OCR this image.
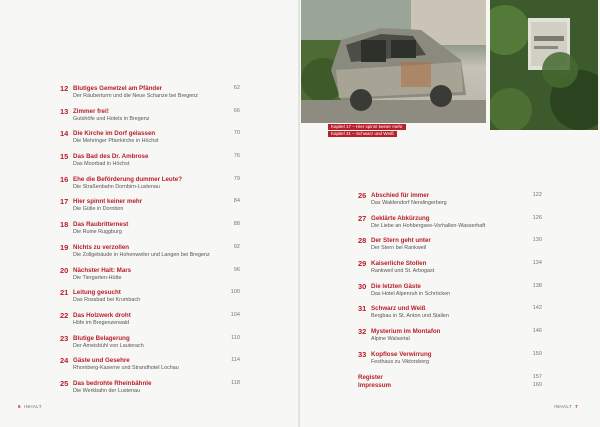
12 Blutiges Gemetzel am Pfänder
Der Räuberturm und die Neue Schanze bei Bregenz
62
13 Zimmer frei!
Gutshöfe und Hotels in Bregenz
66
14 Die Kirche im Dorf gelassen
Die Mehringer Pfarrkirche in Höchst
70
15 Das Bad des Dr. Ambrose
Das Moorbad in Höchst
76
16 Ehe die Beförderung dummer Leute?
Die Straßenbahn Dornbirn-Lustenau
79
17 Hier spinnt keiner mehr
Die Gütle in Dornbirn
84
18 Das Raubritternest
Die Ruine Ruggburg
88
19 Nichts zu verzollen
Die Zollgebäude in Hohenweiler und Langen bei Bregenz
92
20 Nächster Halt: Mars
Die Tiergarten-Hütte
96
21 Leitung gesucht
Das Rossbad bei Krumbach
100
22 Das Holzwerk droht
Höfe im Bregenzerwald
104
23 Blutige Belagerung
Der Ameisbühl von Lauterach
110
24 Gäste und Gesehre
Rhomberg-Kaserne und Strandhotel Lochau
114
25 Das bedrohte Rheinbähnle
Die Werkbahn der Lustenau
118
6 INHALT
Kapitel 17 – Hier spinnt keiner mehr
Kapitel 31 – Schwarz und Weiß
26 Abschied für immer
Das Waldendorf Nendingerberg
122
27 Geklärte Abkürzung
Die Liebe an Hohbergsee-Vorhallen-Wasserhaft
126
28 Der Stern geht unter
Der Stern bei Rankweil
130
29 Kaiserliche Stollen
Rankweil und St. Arbogast
134
30 Die letzten Gäste
Das Hotel Alpenruh in Schröcken
138
31 Schwarz und Weiß
Bergbau in St. Anton und Stallen
142
32 Mysterium im Montafon
Alpine Walsertal
146
33 Kopflose Verwirrung
Festhaus zu Viktorsberg
150
Register	157
Impressum	160
INHALT 7
